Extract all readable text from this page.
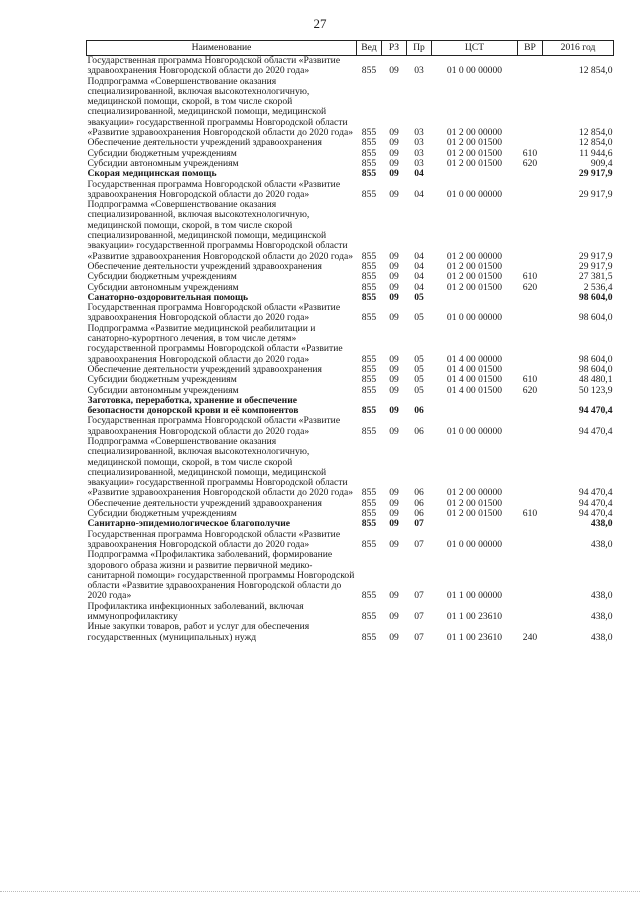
27
Наименование	Вед	РЗ	Пр	ЦСТ	ВР	2016 год
Государственная программа Новгородской области «Развитие здравоохранения Новгородской области до 2020 года»	855	09	03	01 0 00 00000		12 854,0
Подпрограмма «Совершенствование оказания специализированной, включая высокотехнологичную, медицинской помощи, скорой, в том числе скорой специализированной, медицинской помощи, медицинской эвакуации» государственной программы Новгородской области «Развитие здравоохранения Новгородской области до 2020 года»	855	09	03	01 2 00 00000		12 854,0
Обеспечение деятельности учреждений здравоохранения	855	09	03	01 2 00 01500		12 854,0
Субсидии бюджетным учреждениям	855	09	03	01 2 00 01500	610	11 944,6
Субсидии автономным учреждениям	855	09	03	01 2 00 01500	620	909,4
Скорая медицинская помощь	855	09	04			29 917,9
Государственная программа Новгородской области «Развитие здравоохранения Новгородской области до 2020 года»	855	09	04	01 0 00 00000		29 917,9
Подпрограмма «Совершенствование оказания специализированной, включая высокотехнологичную, медицинской помощи, скорой, в том числе скорой специализированной, медицинской помощи, медицинской эвакуации» государственной программы Новгородской области «Развитие здравоохранения Новгородской области до 2020 года»	855	09	04	01 2 00 00000		29 917,9
Обеспечение деятельности учреждений здравоохранения	855	09	04	01 2 00 01500		29 917,9
Субсидии бюджетным учреждениям	855	09	04	01 2 00 01500	610	27 381,5
Субсидии автономным учреждениям	855	09	04	01 2 00 01500	620	2 536,4
Санаторно-оздоровительная помощь	855	09	05			98 604,0
Государственная программа Новгородской области «Развитие здравоохранения Новгородской области до 2020 года»	855	09	05	01 0 00 00000		98 604,0
Подпрограмма «Развитие медицинской реабилитации и санаторно-курортного лечения, в том числе детям» государственной программы Новгородской области «Развитие здравоохранения Новгородской области до 2020 года»	855	09	05	01 4 00 00000		98 604,0
Обеспечение деятельности учреждений здравоохранения	855	09	05	01 4 00 01500		98 604,0
Субсидии бюджетным учреждениям	855	09	05	01 4 00 01500	610	48 480,1
Субсидии автономным учреждениям	855	09	05	01 4 00 01500	620	50 123,9
Заготовка, переработка, хранение и обеспечение безопасности донорской крови и её компонентов	855	09	06			94 470,4
Государственная программа Новгородской области «Развитие здравоохранения Новгородской области до 2020 года»	855	09	06	01 0 00 00000		94 470,4
Подпрограмма «Совершенствование оказания специализированной, включая высокотехнологичную, медицинской помощи, скорой, в том числе скорой специализированной, медицинской помощи, медицинской эвакуации» государственной программы Новгородской области «Развитие здравоохранения Новгородской области до 2020 года»	855	09	06	01 2 00 00000		94 470,4
Обеспечение деятельности учреждений здравоохранения	855	09	06	01 2 00 01500		94 470,4
Субсидии бюджетным учреждениям	855	09	06	01 2 00 01500	610	94 470,4
Санитарно-эпидемиологическое благополучие	855	09	07			438,0
Государственная программа Новгородской области «Развитие здравоохранения Новгородской области до 2020 года»	855	09	07	01 0 00 00000		438,0
Подпрограмма «Профилактика заболеваний, формирование здорового образа жизни и развитие первичной медико-санитарной помощи» государственной программы Новгородской области «Развитие здравоохранения Новгородской области до 2020 года»	855	09	07	01 1 00 00000		438,0
Профилактика инфекционных заболеваний, включая иммунопрофилактику	855	09	07	01 1 00 23610		438,0
Иные закупки товаров, работ и услуг для обеспечения государственных (муниципальных) нужд	855	09	07	01 1 00 23610	240	438,0
